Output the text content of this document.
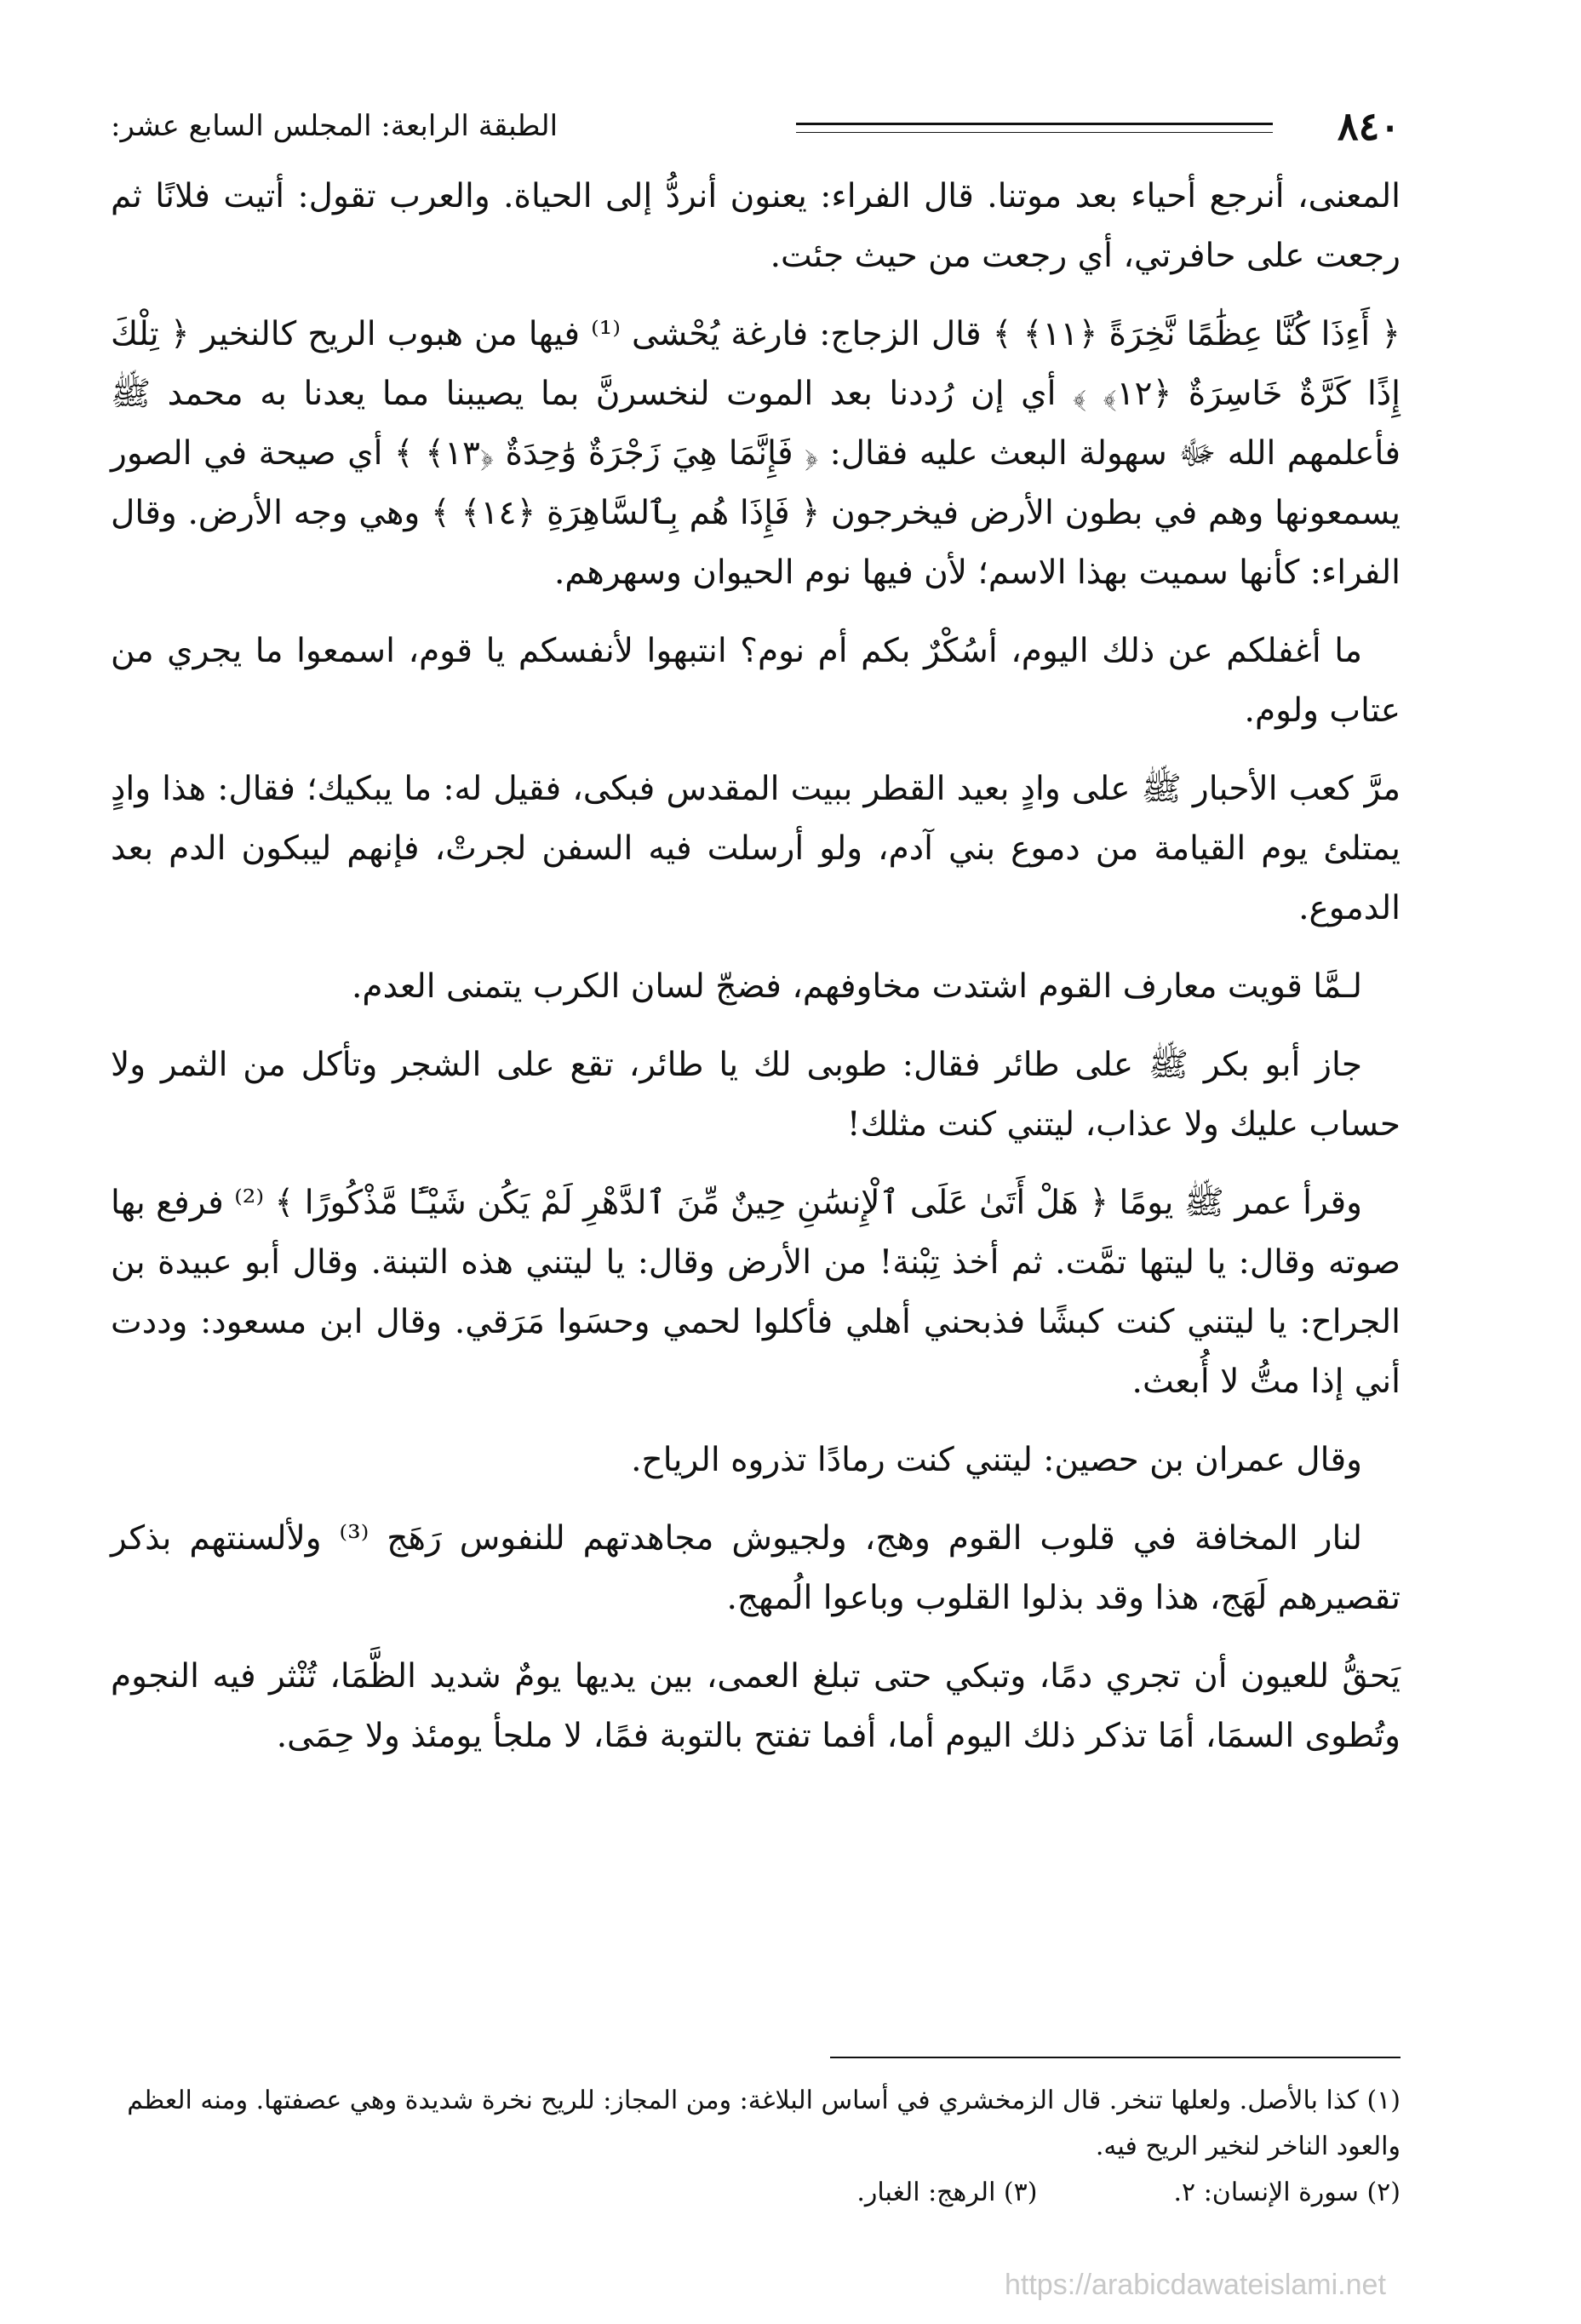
٨٤٠
الطبقة الرابعة: المجلس السابع عشر:

المعنى، أنرجع أحياء بعد موتنا. قال الفراء: يعنون أنردُّ إلى الحياة. والعرب تقول: أتيت فلانًا ثم رجعت على حافرتي، أي رجعت من حيث جئت.

﴿ أَءِذَا كُنَّا عِظَٰمًا نَّخِرَةً ﴿١١﴾ ﴾ قال الزجاج: فارغة يُحْشى ⁽¹⁾ فيها من هبوب الريح كالنخير ﴿ تِلْكَ إِذًا كَرَّةٌ خَاسِرَةٌ ﴿١٢﴾ ﴾ أي إن رُددنا بعد الموت لنخسرنَّ بما يصيبنا مما يعدنا به محمد ﷺ فأعلمهم الله ﷻ سهولة البعث عليه فقال: ﴿ فَإِنَّمَا هِيَ زَجْرَةٌ وَٰحِدَةٌ ﴿١٣﴾ ﴾ أي صيحة في الصور يسمعونها وهم في بطون الأرض فيخرجون ﴿ فَإِذَا هُم بِٱلسَّاهِرَةِ ﴿١٤﴾ ﴾ وهي وجه الأرض. وقال الفراء: كأنها سميت بهذا الاسم؛ لأن فيها نوم الحيوان وسهرهم.

ما أغفلكم عن ذلك اليوم، أسُكْرٌ بكم أم نوم؟ انتبهوا لأنفسكم يا قوم، اسمعوا ما يجري من عتاب ولوم.

مرَّ كعب الأحبار ﷺ على وادٍ بعيد القطر ببيت المقدس فبكى، فقيل له: ما يبكيك؛ فقال: هذا وادٍ يمتلئ يوم القيامة من دموع بني آدم، ولو أرسلت فيه السفن لجرتْ، فإنهم ليبكون الدم بعد الدموع.

لـمَّا قويت معارف القوم اشتدت مخاوفهم، فضجّ لسان الكرب يتمنى العدم.

جاز أبو بكر ﷺ على طائر فقال: طوبى لك يا طائر، تقع على الشجر وتأكل من الثمر ولا حساب عليك ولا عذاب، ليتني كنت مثلك!

وقرأ عمر ﷺ يومًا ﴿ هَلْ أَتَىٰ عَلَى ٱلْإِنسَٰنِ حِينٌ مِّنَ ٱلدَّهْرِ لَمْ يَكُن شَيْـًٔا مَّذْكُورًا ﴾ ⁽²⁾ فرفع بها صوته وقال: يا ليتها تمَّت. ثم أخذ تِبْنة! من الأرض وقال: يا ليتني هذه التبنة. وقال أبو عبيدة بن الجراح: يا ليتني كنت كبشًا فذبحني أهلي فأكلوا لحمي وحسَوا مَرَقي. وقال ابن مسعود: وددت أني إذا متُّ لا أُبعث.

وقال عمران بن حصين: ليتني كنت رمادًا تذروه الرياح.

لنار المخافة في قلوب القوم وهج، ولجيوش مجاهدتهم للنفوس رَهَج ⁽³⁾ ولألسنتهم بذكر تقصيرهم لَهَج، هذا وقد بذلوا القلوب وباعوا الُمهج.

يَحقُّ للعيون أن تجري دمًا، وتبكي حتى تبلغ العمى، بين يديها يومٌ شديد الظَّمَا، تُنْثر فيه النجوم وتُطوى السمَا، أمَا تذكر ذلك اليوم أما، أفما تفتح بالتوبة فمًا، لا ملجأ يومئذ ولا حِمَى.

(١) كذا بالأصل. ولعلها تنخر. قال الزمخشري في أساس البلاغة: ومن المجاز: للريح نخرة شديدة وهي عصفتها. ومنه العظم والعود الناخر لنخير الريح فيه.

(٢) سورة الإنسان: ٢.

(٣) الرهج: الغبار.

https://arabicdawateislami.net
